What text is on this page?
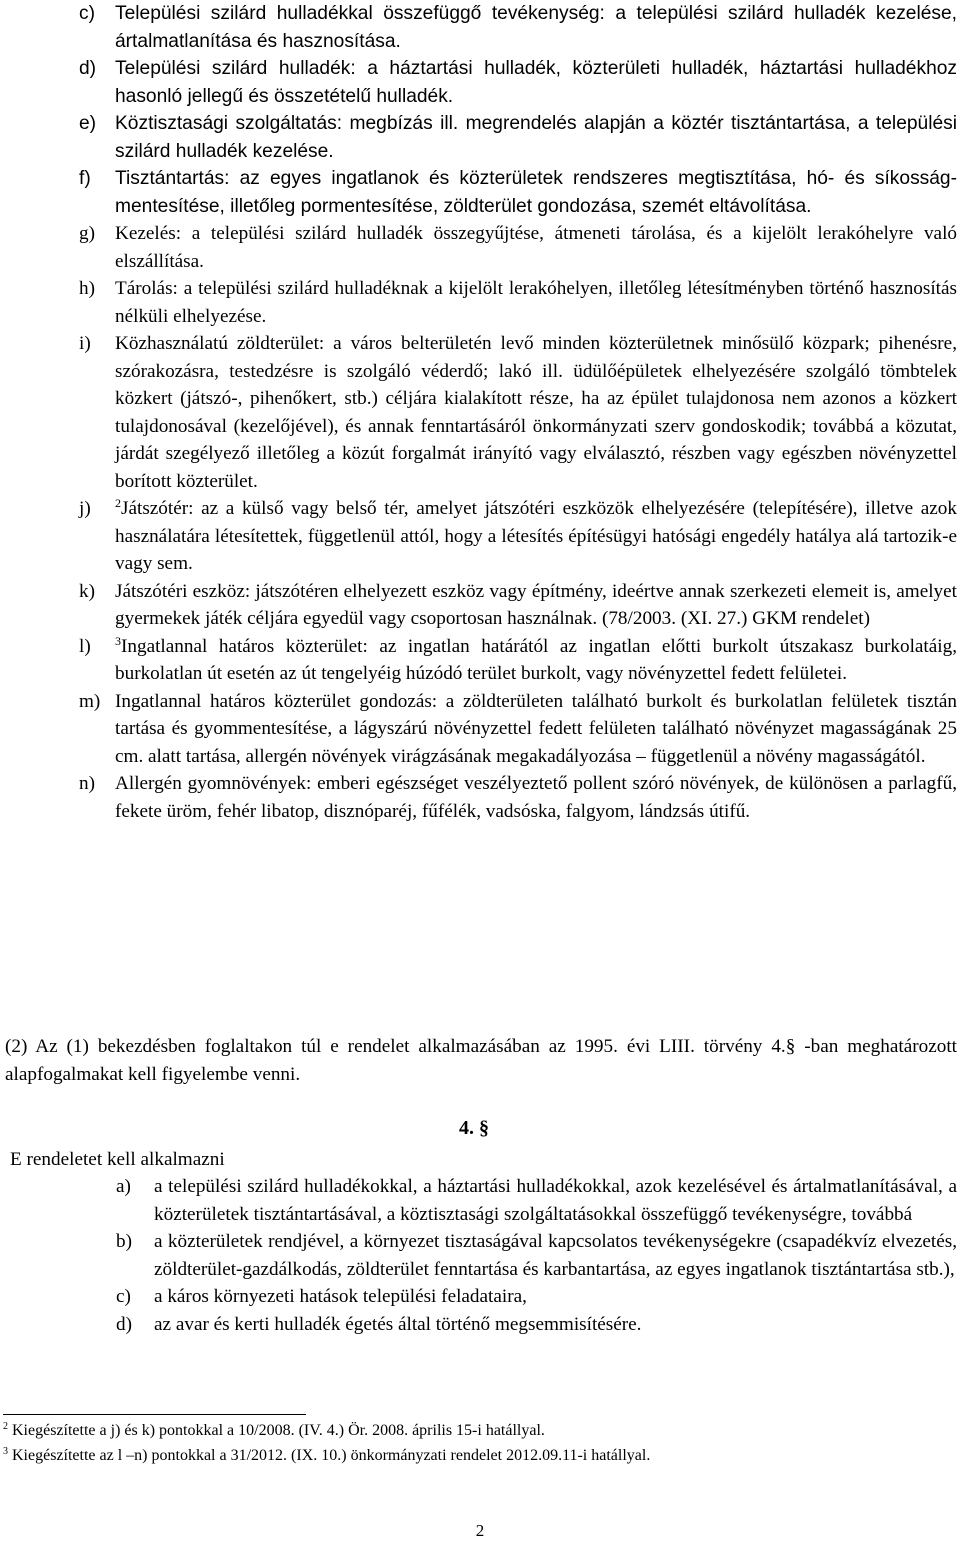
c)	Települési szilárd hulladékkal összefüggő tevékenység: a települési szilárd hulladék kezelése, ártalmatlanítása és hasznosítása.
d) Települési szilárd hulladék: a háztartási hulladék, közterületi hulladék, háztartási hulladékhoz hasonló jellegű és összetételű hulladék.
e) Köztisztasági szolgáltatás: megbízás ill. megrendelés alapján a köztér tisztántartása, a települési szilárd hulladék kezelése.
f)	Tisztántartás: az egyes ingatlanok és közterületek rendszeres megtisztítása, hó- és síkosság-mentesítése, illetőleg pormentesítése, zöldterület gondozása, szemét eltávolítása.
g)	Kezelés: a települési szilárd hulladék összegyűjtése, átmeneti tárolása, és a kijelölt lerakóhelyre való elszállítása.
h)	Tárolás: a települési szilárd hulladéknak a kijelölt lerakóhelyen, illetőleg létesítményben történő hasznosítás nélküli elhelyezése.
i)	Közhasználatú zöldterület: a város belterületén levő minden közterületnek minősülő közpark; pihenésre, szórakozásra, testedzésre is szolgáló véderdő; lakó ill. üdülőépületek elhelyezésére szolgáló tömbtelek közkert (játszó-, pihenőkert, stb.) céljára kialakított része, ha az épület tulajdonosa nem azonos a közkert tulajdonosával (kezelőjével), és annak fenntartásáról önkormányzati szerv gondoskodik; továbbá a közutat, járdát szegélyező illetőleg a közút forgalmát irányító vagy elválasztó, részben vagy egészben növényzettel borított közterület.
j)	$^2$Játszótér: az a külső vagy belső tér, amelyet játszótéri eszközök elhelyezésére (telepítésére), illetve azok használatára létesítettek, függetlenül attól, hogy a létesítés építésügyi hatósági engedély hatálya alá tartozik-e vagy sem.
k)	Játszótéri eszköz: játszótéren elhelyezett eszköz vagy építmény, ideértve annak szerkezeti elemeit is, amelyet gyermekek játék céljára egyedül vagy csoportosan használnak. (78/2003. (XI. 27.) GKM rendelet)
l)	$^3$Ingatlannal határos közterület: az ingatlan határától az ingatlan előtti burkolt útszakasz burkolatáig, burkolatlan út esetén az út tengelyéig húzódó terület burkolt, vagy növényzettel fedett felületei.
m) Ingatlannal határos közterület gondozás: a zöldterületen található burkolt és burkolatlan felületek tisztán tartása és gyommentesítése, a lágyszárú növényzettel fedett felületen található növényzet magasságának 25 cm. alatt tartása, allergén növények virágzásának megakadályozása – függetlenül a növény magasságától.
n)	Allergén gyomnövények: emberi egészséget veszélyeztető pollent szóró növények, de különösen a parlagfű, fekete üröm, fehér libatop, disznóparéj, fűfélék, vadsóska, falgyom, lándzsás útifű.
(2) Az (1) bekezdésben foglaltakon túl e rendelet alkalmazásában az 1995. évi LIII. törvény 4.§ -ban meghatározott alapfogalmakat kell figyelembe venni.
4. §
E rendeletet kell alkalmazni
a)	a települési szilárd hulladékokkal, a háztartási hulladékokkal, azok kezelésével és ártalmatlanításával, a közterületek tisztántartásával, a köztisztasági szolgáltatásokkal összefüggő tevékenységre, továbbá
b)	a közterületek rendjével, a környezet tisztaságával kapcsolatos tevékenységekre (csapadékvíz elvezetés, zöldterület-gazdálkodás, zöldterület fenntartása és karbantartása, az egyes ingatlanok tisztántartása stb.),
c)	a káros környezeti hatások települési feladataira,
d)	az avar és kerti hulladék égetés által történő megsemmisítésére.
$^2$ Kiegészítette a j) és k) pontokkal a 10/2008. (IV. 4.) Ör. 2008. április 15-i hatállyal.
$^3$ Kiegészítette az l –n) pontokkal a 31/2012. (IX. 10.) önkormányzati rendelet 2012.09.11-i hatállyal.
2
